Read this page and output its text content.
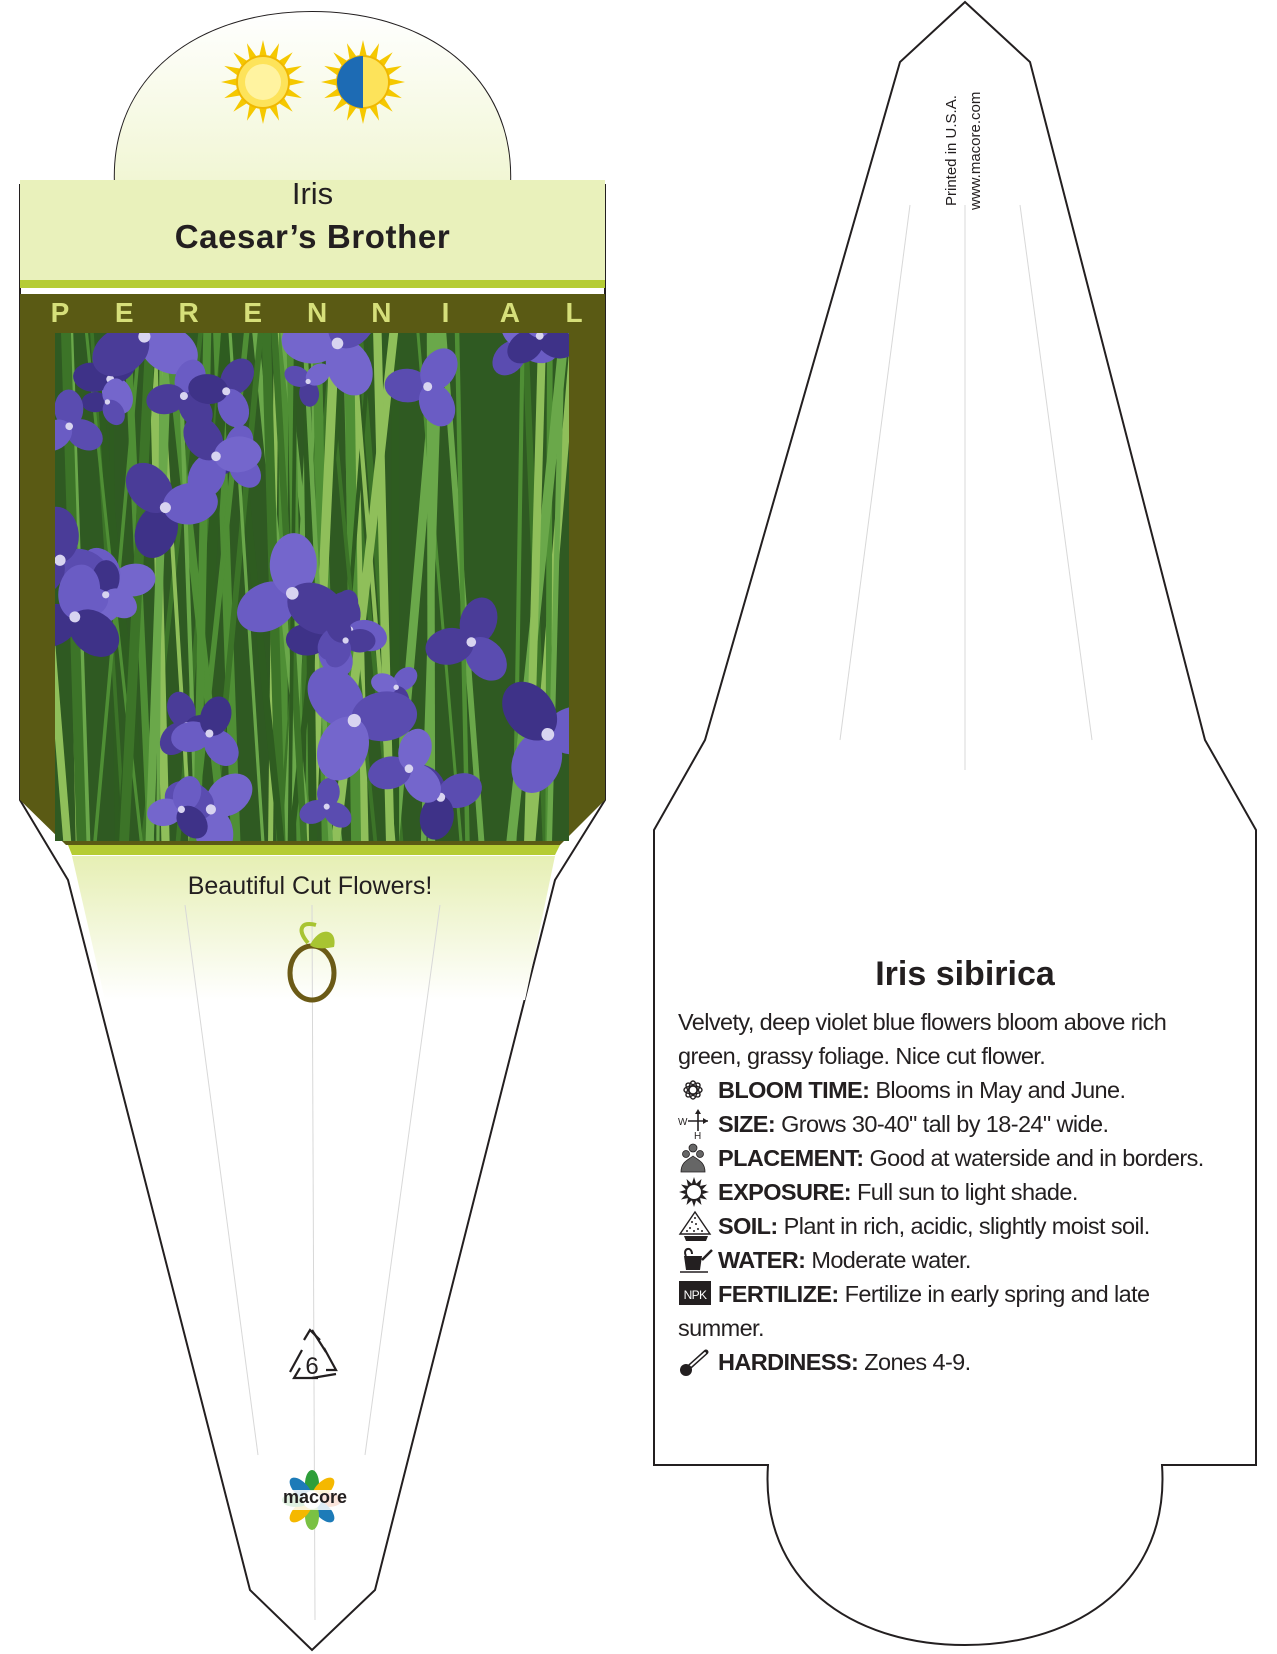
Iris
Caesar’s Brother
P E R E N N I A L
Beautiful Cut Flowers!
6
macore
Printed in U.S.A. www.macore.com
Iris sibirica

Velvety, deep violet blue flowers bloom above rich green, grassy foliage. Nice cut flower.

BLOOM TIME: Blooms in May and June.
W
H SIZE: Grows 30-40" tall by 18-24" wide.
PLACEMENT: Good at waterside and in borders.
EXPOSURE: Full sun to light shade.
SOIL: Plant in rich, acidic, slightly moist soil.
WATER: Moderate water.
NPK FERTILIZE: Fertilize in early spring and late summer.
HARDINESS: Zones 4-9.
